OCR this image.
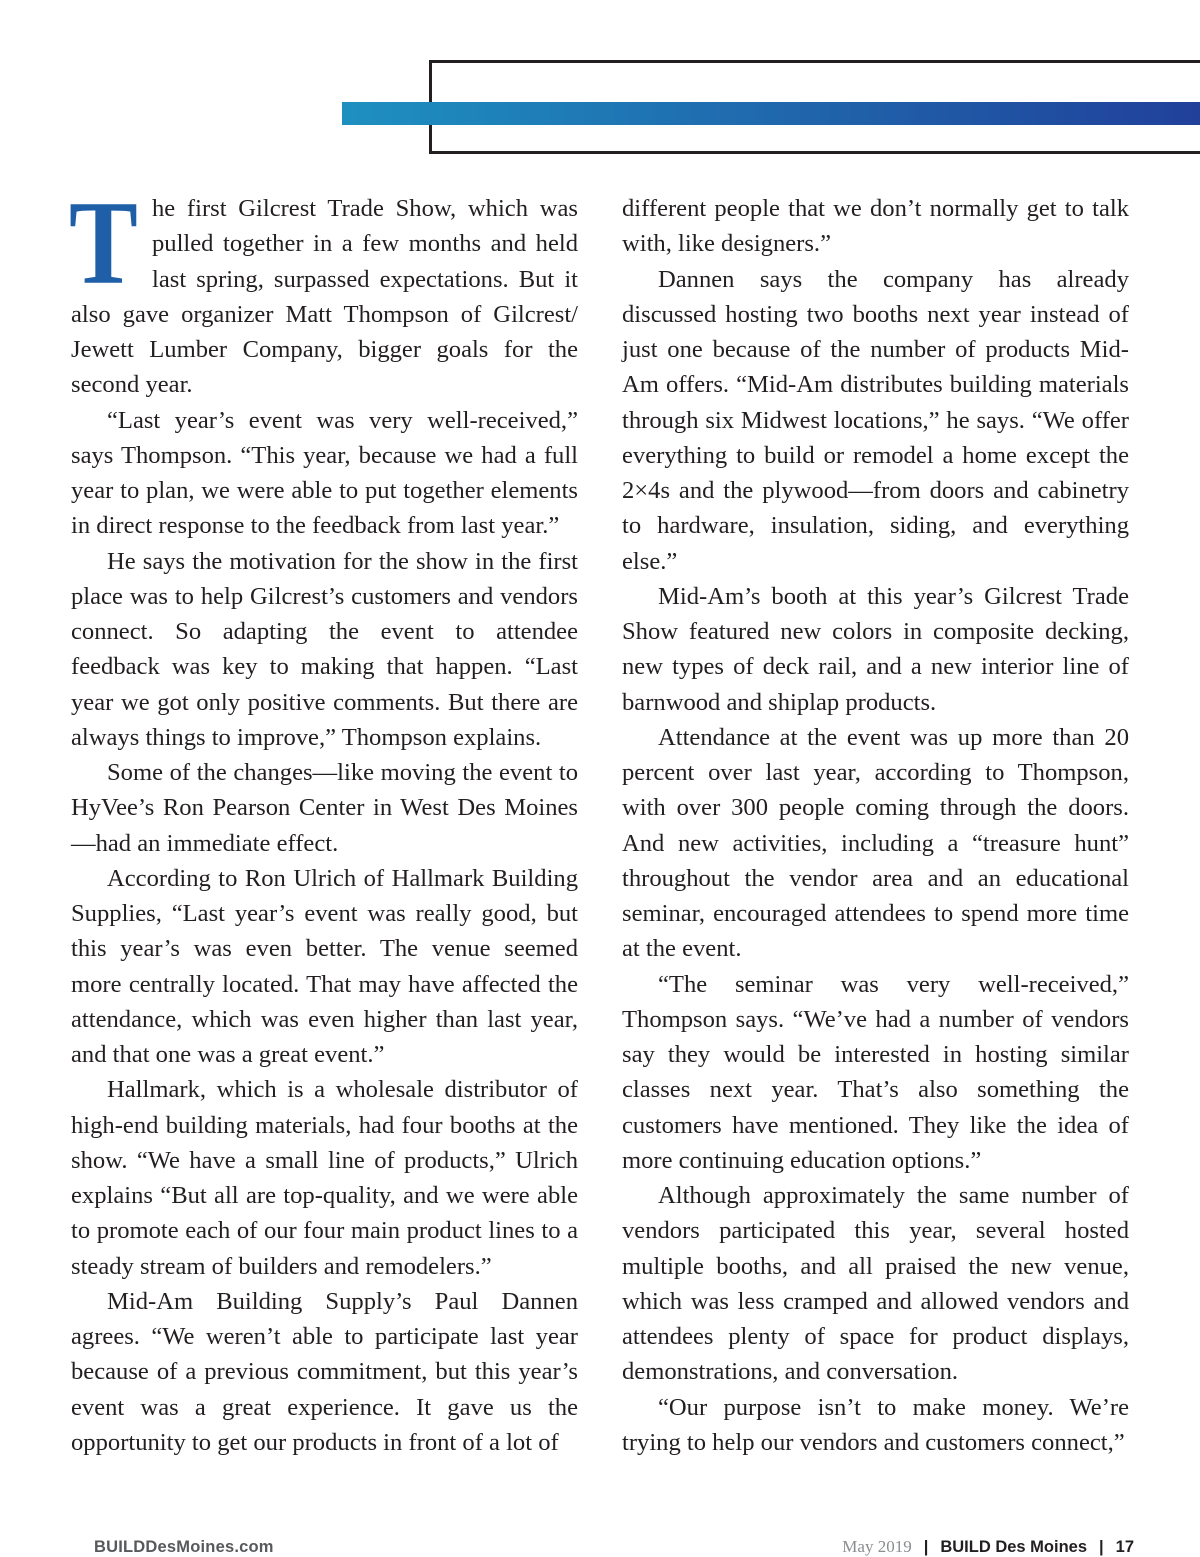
The first Gilcrest Trade Show, which was pulled together in a few months and held last spring, surpassed expectations. But it also gave organizer Matt Thompson of Gilcrest/ Jewett Lumber Company, bigger goals for the second year.

“Last year’s event was very well-received,” says Thompson. “This year, because we had a full year to plan, we were able to put together elements in direct response to the feedback from last year.”

He says the motivation for the show in the first place was to help Gilcrest’s customers and vendors connect. So adapting the event to attendee feedback was key to making that happen. “Last year we got only positive comments. But there are always things to improve,” Thompson explains.

Some of the changes—like moving the event to HyVee’s Ron Pearson Center in West Des Moines—had an immediate effect.

According to Ron Ulrich of Hallmark Building Supplies, “Last year’s event was really good, but this year’s was even better. The venue seemed more centrally located. That may have affected the attendance, which was even higher than last year, and that one was a great event.”

Hallmark, which is a wholesale distributor of high-end building materials, had four booths at the show. “We have a small line of products,” Ulrich explains “But all are top-quality, and we were able to promote each of our four main product lines to a steady stream of builders and remodelers.”

Mid-Am Building Supply’s Paul Dannen agrees. “We weren’t able to participate last year because of a previous commitment, but this year’s event was a great experience. It gave us the opportunity to get our products in front of a lot of

different people that we don’t normally get to talk with, like designers.”

Dannen says the company has already discussed hosting two booths next year instead of just one because of the number of products Mid-Am offers. “Mid-Am distributes building materials through six Midwest locations,” he says. “We offer everything to build or remodel a home except the 2×4s and the plywood—from doors and cabinetry to hardware, insulation, siding, and everything else.”

Mid-Am’s booth at this year’s Gilcrest Trade Show featured new colors in composite decking, new types of deck rail, and a new interior line of barnwood and shiplap products.

Attendance at the event was up more than 20 percent over last year, according to Thompson, with over 300 people coming through the doors. And new activities, including a “treasure hunt” throughout the vendor area and an educational seminar, encouraged attendees to spend more time at the event.

“The seminar was very well-received,” Thompson says. “We’ve had a number of vendors say they would be interested in hosting similar classes next year. That’s also something the customers have mentioned. They like the idea of more continuing education options.”

Although approximately the same number of vendors participated this year, several hosted multiple booths, and all praised the new venue, which was less cramped and allowed vendors and attendees plenty of space for product displays, demonstrations, and conversation.

“Our purpose isn’t to make money. We’re trying to help our vendors and customers connect,”

BUILDDesMoines.com	May 2019 | BUILD Des Moines | 17
